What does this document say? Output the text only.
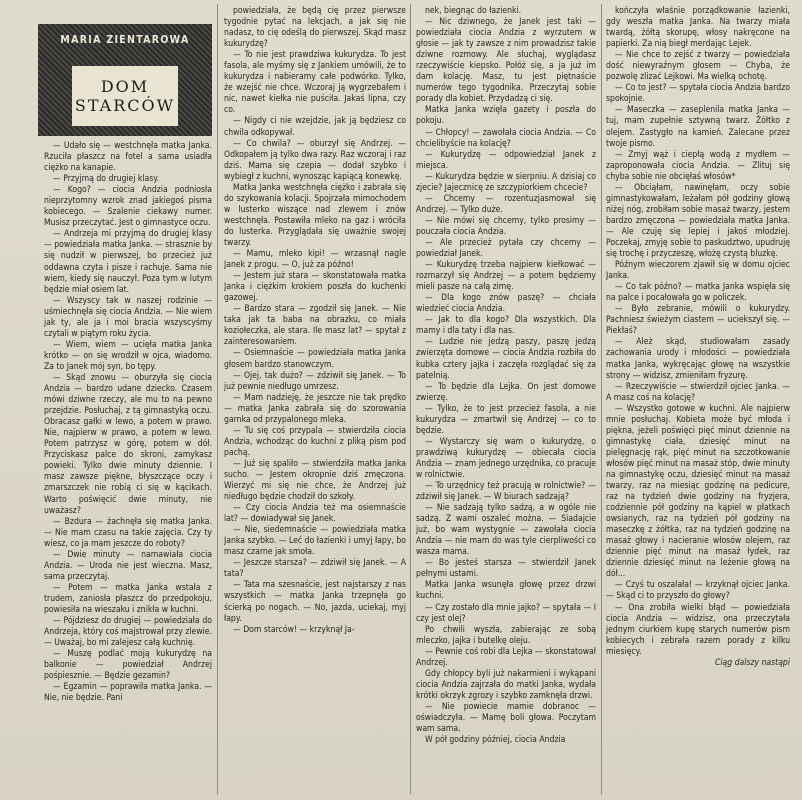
MARIA ZIENTAROWA
DOM
STARCÓW

— Udało się — westchnęła matka Janka. Rzuciła płaszcz na fotel a sama usiadła ciężko na kanapie.

— Przyjmą do drugiej klasy.

— Kogo? — ciocia Andzia podniosła nieprzytomny wzrok znad jakiegoś pisma kobiecego. — Szalenie ciekawy numer. Musisz przeczytać. Jest o gimnastyce oczu.

— Andrzeja mi przyjmą do drugiej klasy — powiedziała matka Janka. — strasznie by się nudził w pierwszej, bo przecież już oddawna czyta i pisze i rachuje. Sama nie wiem, kiedy się nauczył. Poza tym w lutym będzie miał osiem lat.

— Wszyscy tak w naszej rodzinie — uśmiechnęła się ciocia Andzia. — Nie wiem jak ty, ale ja i moi bracia wszyscyśmy czytali w piątym roku życia.

— Wiem, wiem — ucięła matka Janka krótko — on się wrodził w ojca, wiadomo. Za to Janek mój syn, bo tępy.

— Skąd znowu — oburzyła się ciocia Andzia — bardzo udane dziecko. Czasem mówi dziwne rzeczy, ale mu to na pewno przejdzie. Posłuchaj, z tą gimnastyką oczu. Obracasz gałki w lewo, a potem w prawo. Nie, najpierw w prawo, a potem w lewo. Potem patrzysz w górę, potem w dół. Przyciskasz palce do skroni, zamykasz powieki. Tylko dwie minuty dziennie. I masz zawsze piękne, błyszczące oczy i zmarszczek nie robią ci się w kącikach. Warto poświęcić dwie minuty, nie uważasz?

— Bzdura — żachnęła się matka Janka. — Nie mam czasu na takie zajęcia. Czy ty wiesz, co ja mam jeszcze do roboty?

— Dwie minuty — namawiała ciocia Andzia. — Uroda nie jest wieczna. Masz, sama przeczytaj.

— Potem — matka Janka wstała z trudem, zaniosła płaszcz do przedpokoju, powiesiła na wieszaku i znikła w kuchni.

— Pójdziesz do drugiej — powiedziała do Andrzeja, który coś majstrował przy zlewie. — Uważaj, bo mi zalejesz całą kuchnię.

— Muszę podlać moją kukurydzę na balkonie — powiedział Andrzej pośpiesznie. — Będzie gezamin?

— Egzamin — poprawiła matka Janka. — Nie, nie będzie. Pani

powiedziała, że będą cię przez pierwsze tygodnie pytać na lekcjach, a jak się nie nadasz, to cię odeślą do pierwszej. Skąd masz kukurydzę?

— To nie jest prawdziwa kukurydza. To jest fasola, ale myśmy się z Jankiem umówili, że to kukurydza i nabieramy całe podwórko. Tylko, że wzejść nie chce. Wczoraj ją wygrzebałem i nic, nawet kiełka nie puściła. Jakaś lipna, czy co.

— Nigdy ci nie wzejdzie, jak ją będziesz co chwila odkopywał.

— Co chwila? — oburzył się Andrzej. — Odkopałem ją tylko dwa razy. Raz wczoraj i raz dziś. Mama się czepia — dodał szybko i wybiegł z kuchni, wynosząc kapiącą konewkę.

Matka Janka westchnęła ciężko i zabrała się do szykowania kolacji. Spojrzała mimochodem w lusterko wiszące nad zlewem i znów westchnęła. Postawiła mleko na gaz i wróciła do lusterka. Przyglądała się uważnie swojej twarzy.

— Mamu, mleko kipi! — wrzasnął nagle Janek z progu. — O, już za późno!

— Jestem już stara — skonstatowała matka Janka i ciężkim krokiem poszła do kuchenki gazowej.

— Bardzo stara — zgodził się Janek. — Nie taka jak ta baba na obrazku, co miała koziołeczka, ale stara. Ile masz lat? — spytał z zainteresowaniem.

— Osiemnaście — powiedziała matka Janka głosem bardzo stanowczym.

— Ojej, tak dużo? — zdziwił się Janek. — To już pewnie niedługo umrzesz.

— Mam nadzieję, że jeszcze nie tak prędko — matka Janka zabrała się do szorowania garnka od przypalonego mleka.

— Tu się coś przypala — stwierdziła ciocia Andzia, wchodząc do kuchni z pliką pism pod pachą.

— Już się spaliło — stwierdziła matka Janka sucho. — Jestem okropnie dziś zmęczona. Wierzyć mi się nie chce, że Andrzej już niedługo będzie chodził do szkoły.

— Czy ciocia Andzia też ma osiemnaście lat? — dowiadywał się Janek.

— Nie, siedemnaście — powiedziała matka Janka szybko. — Leć do łazienki i umyj łapy, bo masz czarne jak smoła.

— Jeszcze starsza? — zdziwił się Janek. — A tata?

— Tata ma szesnaście, jest najstarszy z nas wszystkich — matka Janka trzepnęła go ścierką po nogach. — No, jazda, uciekaj, myj łapy.

— Dom starców! — krzyknął Ja-

nek, biegnąc do łazienki.

— Nic dziwnego, że Janek jest taki — powiedziała ciocia Andzia z wyrzutem w głosie — jak ty zawsze z nim prowadzisz takie dziwne rozmowy. Ale słuchaj, wyglądasz rzeczywiście kiepsko. Połóż się, a ja już im dam kolację. Masz, tu jest piętnaście numerów tego tygodnika. Przeczytaj sobie porady dla kobiet. Przydadzą ci się.

Matka Janka wzięła gazety i poszła do pokoju.

— Chłopcy! — zawołała ciocia Andzia. — Co chcielibyście na kolację?

— Kukurydzę — odpowiedział Janek z miejsca.

— Kukurydza będzie w sierpniu. A dzisiaj co zjecie? Jajecznicę ze szczypiorkiem chcecie?

— Chcemy — rozentuzjasmował się Andrzej. — Tylko duże.

— Nie mówi się chcemy, tylko prosimy — pouczała ciocia Andzia.

— Ale przecież pytała czy chcemy — powiedział Janek.

— Kukurydzę trzeba najpierw kiełkować — rozmarzył się Andrzej — a potem będziemy mieli pasze na całą zimę.

— Dla kogo znów paszę? — chciała wiedzieć ciocia Andzia.

— Jak to dla kogo? Dla wszystkich. Dla mamy i dla taty i dla nas.

— Ludzie nie jedzą paszy, paszę jedzą zwierzęta domowe — ciocia Andzia rozbiła do kubka cztery jajka i zaczęła rozglądać się za patelnią.

— To będzie dla Lejka. On jest domowe zwierzę.

— Tylko, że to jest przecież fasola, a nie kukurydza — zmartwił się Andrzej — co to będzie.

— Wystarczy się wam o kukurydzę, o prawdziwą kukurydzę — obiecała ciocia Andzia — znam jednego urzędnika, co pracuje w rolnictwie.

— To urzędnicy też pracują w rolnictwie? — zdziwił się Janek. — W biurach sadzają?

— Nie sadzają tylko sadzą, a w ogóle nie sadzą. Z wami oszaleć można. — Siadajcie już, bo wam wystygnie — zawołała ciocia Andzia — nie mam do was tyle cierpliwości co wasza mama.

— Bo jesteś starsza — stwierdził Janek pełnymi ustami.

Matka Janka wsunęła głowę przez drzwi kuchni.

— Czy zostało dla mnie jajko? — spytała — I czy jest olej?

Po chwili wyszła, zabierając ze sobą mleczko, jajka i butelkę oleju.

— Pewnie coś robi dla Lejka — skonstatował Andrzej.

Gdy chłopcy byli już nakarmieni i wykąpani ciocia Andzia zajrzała do matki Janka, wydała krótki okrzyk zgrozy i szybko zamknęła drzwi.

— Nie powiecie mamie dobranoc — oświadczyła. — Mamę boli głowa. Poczytam wam sama.

W pół godziny później, ciocia Andzia

kończyła właśnie porządkowanie łazienki, gdy weszła matka Janka. Na twarzy miała twardą, żółtą skorupę, włosy nakręcone na papierki. Za nią biegł merdając Lejek.

— Nie chce to zejść z twarzy — powiedziała dość niewyraźnym głosem — Chyba, że pozwolę zlizać Lejkowi. Ma wielką ochotę.

— Co to jest? — spytała ciocia Andzia bardzo spokojnie.

— Maseczka — zaseplenila matka Janka — tuj, mam zupełnie sztywną twarz. Żółtko z olejem. Zastygło na kamień. Zalecane przez twoje pismo.

— Zmyj wąż i ciepłą wodą z mydłem — zaproponowała ciocia Andzia. — Zlituj się chyba sobie nie obcięłaś włosów*

— Obciąłam, nawinęłam, oczy sobie gimnastykowałam, leżałam pół godziny głową niżej nóg, zrobiłam sobie masaż twarzy, jestem bardzo zmęczona — powiedziała matka Janka. — Ale czuję się lepiej i jakoś młodziej. Poczekaj, zmyję sobie to paskudztwo, upudruję się trochę i przyczeszę, włożę czystą bluzkę.

Późnym wieczorem zjawił się w domu ojciec Janka.

— Co tak późno? — matka Janka wspięła się na palce i pocałowała go w policzek.

— Było zebranie, mówili o kukurydzy. Pachniesz świeżym ciastem — uciekszył się. — Piekłaś?

— Ależ skąd, studiowałam zasady zachowania urody i młodości — powiedziała matka Janka, wykręcając głowę na wszystkie strony — widzisz, zmieniłam fryzurę.

— Rzeczywiście — stwierdził ojciec Janka. — A masz coś na kolację?

— Wszystko gotowe w kuchni. Ale najpierw mnie posłuchaj. Kobieta może być młoda i piękna, jeżeli poświęci pięć minut dziennie na gimnastykę ciała, dziesięć minut na pielęgnację rąk, pięć minut na szczotkowanie włosów pięć minut na masaż stóp, dwie minuty na gimnastykę oczu, dziesięć minut na masaż twarzy, raz na miesiąc godzinę na pedicure, raz na tydzień dwie godziny na fryzjera, codziennie pół godziny na kąpiel w płatkach owsianych, raz na tydzień pół godziny na maseczkę z żółtka, raz na tydzień godzinę na masaż głowy i nacieranie włosów olejem, raz dziennie pięć minut na masaż łydek, raz dziennie dziesięć minut na leżenie głową na dół...

— Czyś tu oszalała! — krzyknął ojciec Janka. — Skąd ci to przyszło do głowy?

— Ona zrobiła wielki błąd — powiedziała ciocia Andzia — widzisz, ona przeczytała jednym ciurkiem kupę starych numerów pism kobiecych i zebrała razem porady z kilku miesięcy.

Ciąg dalszy nastąpi
